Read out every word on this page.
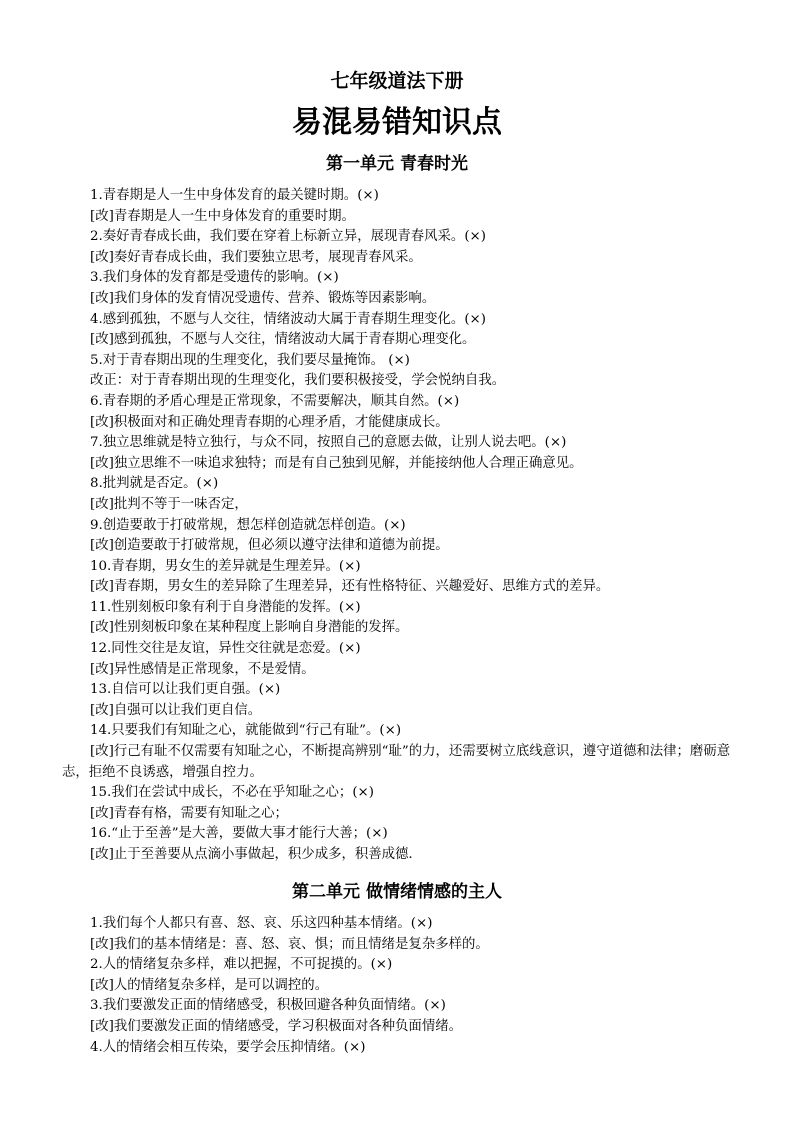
七年级道法下册
易混易错知识点
第一单元 青春时光
1.青春期是人一生中身体发育的最关键时期。(×)
[改]青春期是人一生中身体发育的重要时期。
2.奏好青春成长曲，我们要在穿着上标新立异，展现青春风采。(×)
[改]奏好青春成长曲，我们要独立思考，展现青春风采。
3.我们身体的发育都是受遗传的影响。(×)
[改]我们身体的发育情况受遗传、营养、锻炼等因素影响。
4.感到孤独，不愿与人交往，情绪波动大属于青春期生理变化。(×)
[改]感到孤独，不愿与人交往，情绪波动大属于青春期心理变化。
5.对于青春期出现的生理变化，我们要尽量掩饰。 (×)
改正：对于青春期出现的生理变化，我们要积极接受，学会悦纳自我。
6.青春期的矛盾心理是正常现象，不需要解决，顺其自然。(×)
[改]积极面对和正确处理青春期的心理矛盾，才能健康成长。
7.独立思维就是特立独行，与众不同，按照自己的意愿去做，让别人说去吧。(×)
[改]独立思维不一味追求独特；而是有自己独到见解，并能接纳他人合理正确意见。
8.批判就是否定。(×)
[改]批判不等于一味否定，
9.创造要敢于打破常规，想怎样创造就怎样创造。(×)
[改]创造要敢于打破常规，但必须以遵守法律和道德为前提。
10.青春期，男女生的差异就是生理差异。(×)
[改]青春期，男女生的差异除了生理差异，还有性格特征、兴趣爱好、思维方式的差异。
11.性别刻板印象有利于自身潜能的发挥。(×)
[改]性别刻板印象在某种程度上影响自身潜能的发挥。
12.同性交往是友谊，异性交往就是恋爱。(×)
[改]异性感情是正常现象，不是爱情。
13.自信可以让我们更自强。(×)
[改]自强可以让我们更自信。
14.只要我们有知耻之心，就能做到“行己有耻”。(×)
[改]行己有耻不仅需要有知耻之心，不断提高辨别“耻”的力，还需要树立底线意识，遵守道德和法律；磨砺意志，拒绝不良诱惑，增强自控力。
15.我们在尝试中成长，不必在乎知耻之心；(×)
[改]青春有格，需要有知耻之心；
16.“止于至善”是大善，要做大事才能行大善；(×)
[改]止于至善要从点滴小事做起，积少成多，积善成德.
第二单元 做情绪情感的主人
1.我们每个人都只有喜、怒、哀、乐这四种基本情绪。(×)
[改]我们的基本情绪是：喜、怒、哀、惧；而且情绪是复杂多样的。
2.人的情绪复杂多样，难以把握，不可捉摸的。(×)
[改]人的情绪复杂多样，是可以调控的。
3.我们要激发正面的情绪感受，积极回避各种负面情绪。(×)
[改]我们要激发正面的情绪感受，学习积极面对各种负面情绪。
4.人的情绪会相互传染，要学会压抑情绪。(×)
